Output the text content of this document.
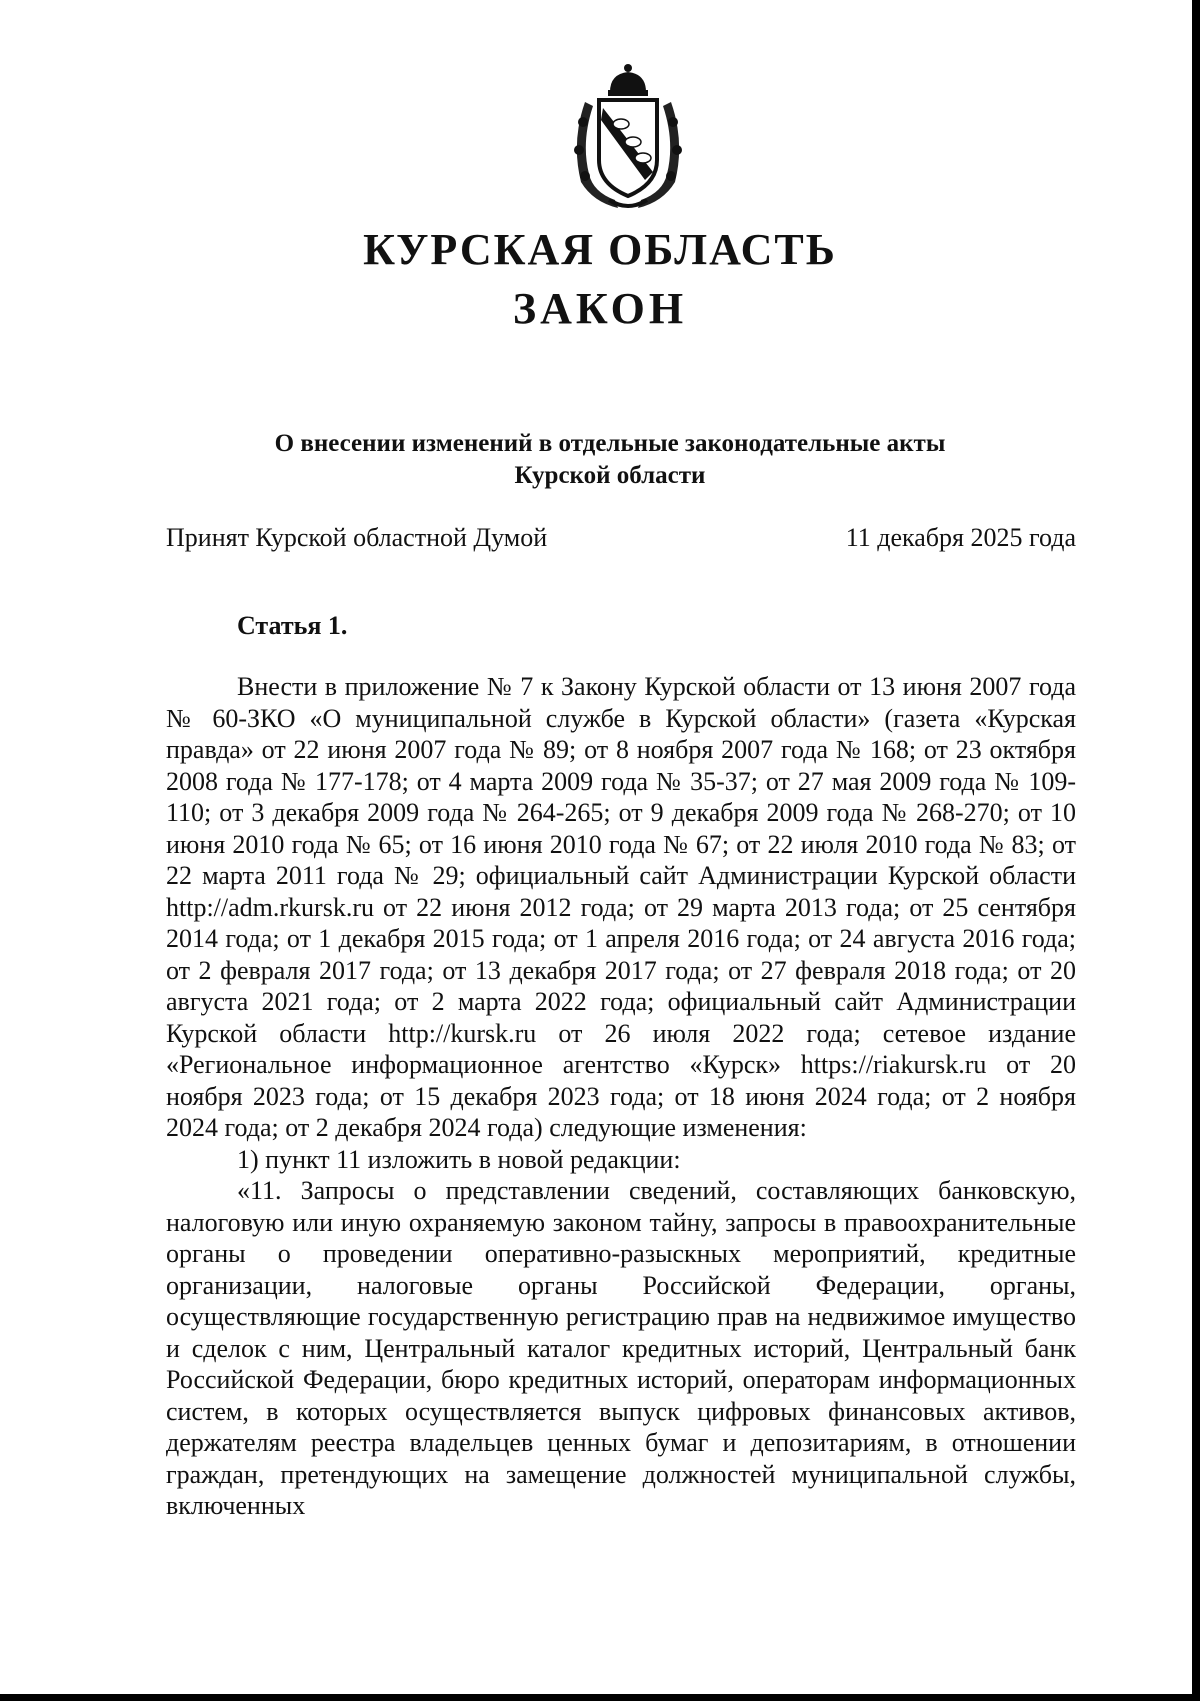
КУРСКАЯ ОБЛАСТЬ
ЗАКОН
О внесении изменений в отдельные законодательные акты
Курской области
Принят Курской областной Думой	11 декабря 2025 года
Статья 1.

Внести в приложение № 7 к Закону Курской области от 13 июня 2007 года № 60-ЗКО «О муниципальной службе в Курской области» (газета «Курская правда» от 22 июня 2007 года № 89; от 8 ноября 2007 года № 168; от 23 октября 2008 года № 177-178; от 4 марта 2009 года № 35-37; от 27 мая 2009 года № 109-110; от 3 декабря 2009 года № 264-265; от 9 декабря 2009 года № 268-270; от 10 июня 2010 года № 65; от 16 июня 2010 года № 67; от 22 июля 2010 года № 83; от 22 марта 2011 года № 29; официальный сайт Администрации Курской области http://adm.rkursk.ru от 22 июня 2012 года; от 29 марта 2013 года; от 25 сентября 2014 года; от 1 декабря 2015 года; от 1 апреля 2016 года; от 24 августа 2016 года; от 2 февраля 2017 года; от 13 декабря 2017 года; от 27 февраля 2018 года; от 20 августа 2021 года; от 2 марта 2022 года; официальный сайт Администрации Курской области http://kursk.ru от 26 июля 2022 года; сетевое издание «Региональное информационное агентство «Курск» https://riakursk.ru от 20 ноября 2023 года; от 15 декабря 2023 года; от 18 июня 2024 года; от 2 ноября 2024 года; от 2 декабря 2024 года) следующие изменения:

1) пункт 11 изложить в новой редакции:

«11. Запросы о представлении сведений, составляющих банковскую, налоговую или иную охраняемую законом тайну, запросы в правоохранительные органы о проведении оперативно-разыскных мероприятий, кредитные организации, налоговые органы Российской Федерации, органы, осуществляющие государственную регистрацию прав на недвижимое имущество и сделок с ним, Центральный каталог кредитных историй, Центральный банк Российской Федерации, бюро кредитных историй, операторам информационных систем, в которых осуществляется выпуск цифровых финансовых активов, держателям реестра владельцев ценных бумаг и депозитариям, в отношении граждан, претендующих на замещение должностей муниципальной службы, включенных
